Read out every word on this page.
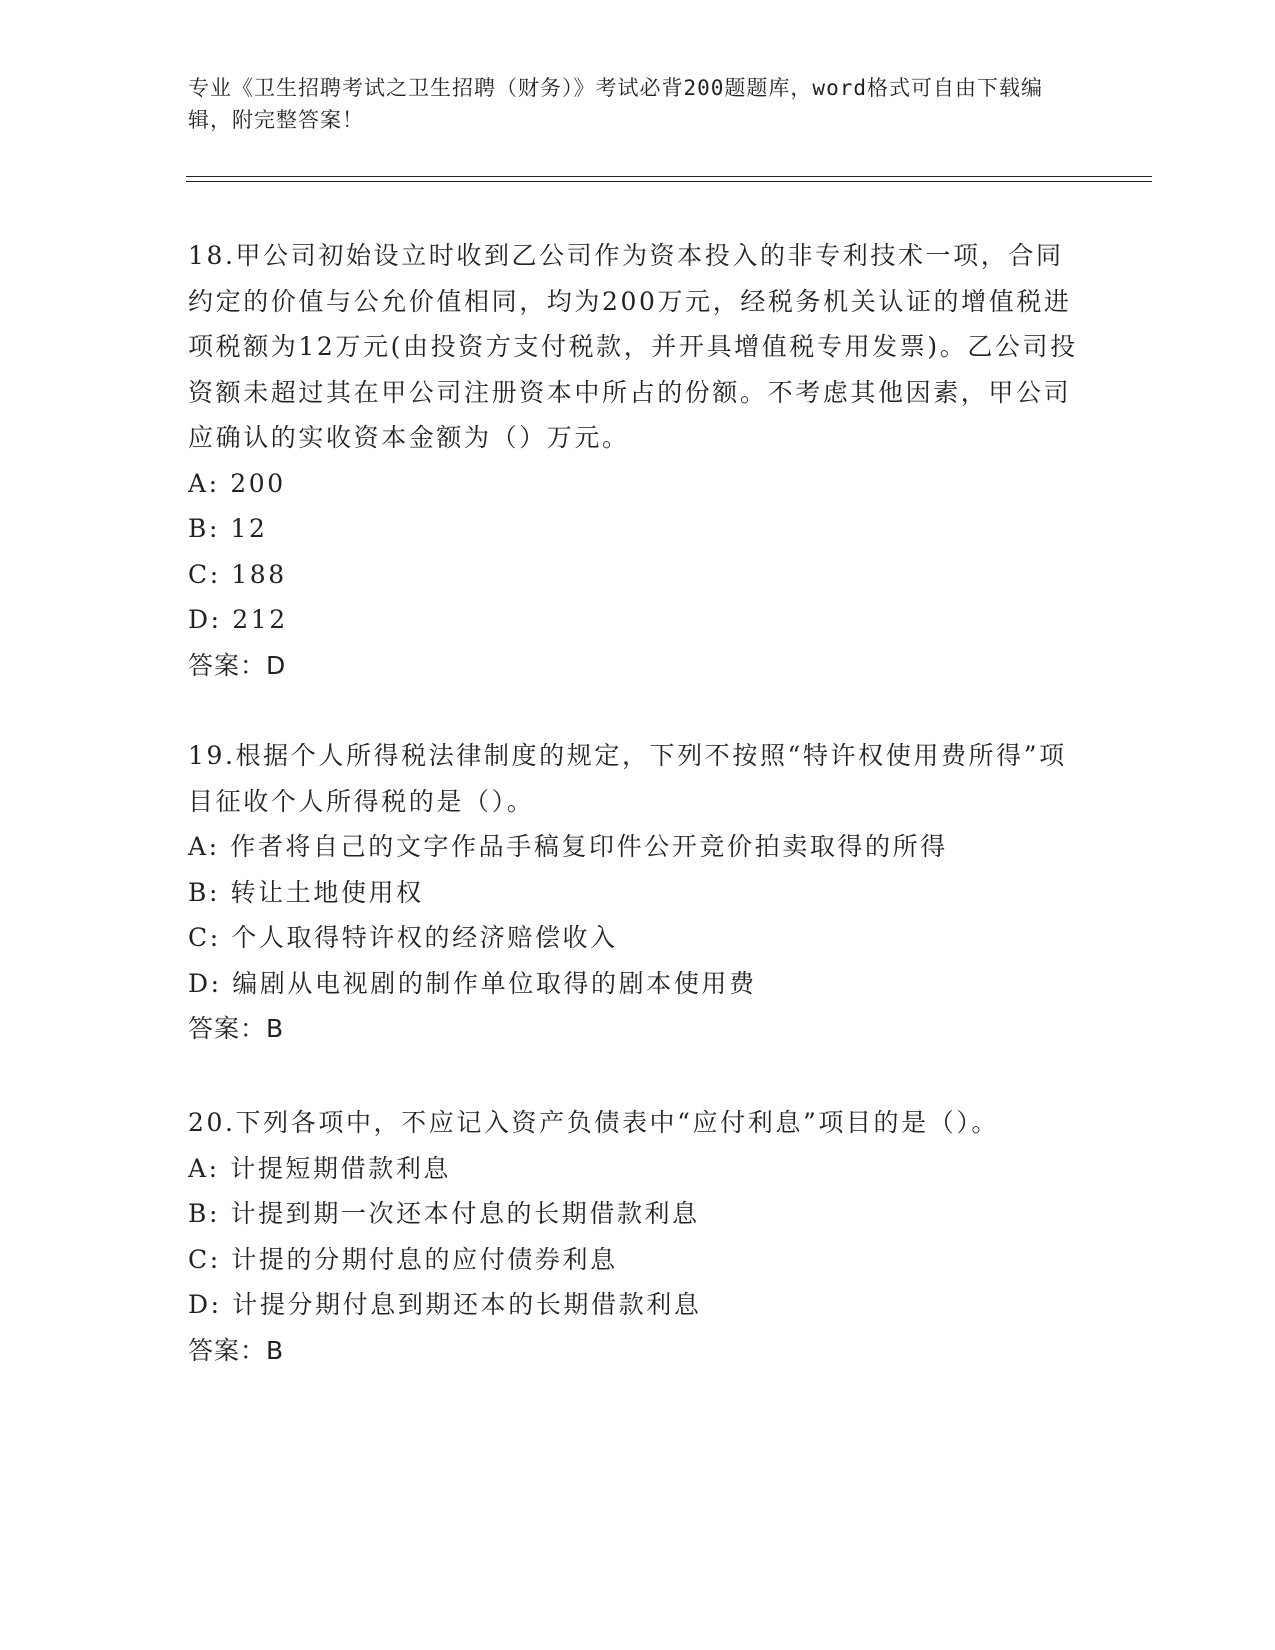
专业《卫生招聘考试之卫生招聘（财务）》考试必背200题题库，word格式可自由下载编辑，附完整答案！

18.甲公司初始设立时收到乙公司作为资本投入的非专利技术一项，合同约定的价值与公允价值相同，均为200万元，经税务机关认证的增值税进项税额为12万元(由投资方支付税款，并开具增值税专用发票)。乙公司投资额未超过其在甲公司注册资本中所占的份额。不考虑其他因素，甲公司应确认的实收资本金额为（）万元。

A: 200

B: 12

C: 188

D: 212

答案：D

19.根据个人所得税法律制度的规定，下列不按照“特许权使用费所得”项目征收个人所得税的是（）。

A: 作者将自己的文字作品手稿复印件公开竞价拍卖取得的所得

B: 转让土地使用权

C: 个人取得特许权的经济赔偿收入

D: 编剧从电视剧的制作单位取得的剧本使用费

答案：B

20.下列各项中，不应记入资产负债表中“应付利息”项目的是（）。

A: 计提短期借款利息

B: 计提到期一次还本付息的长期借款利息

C: 计提的分期付息的应付债券利息

D: 计提分期付息到期还本的长期借款利息

答案：B
